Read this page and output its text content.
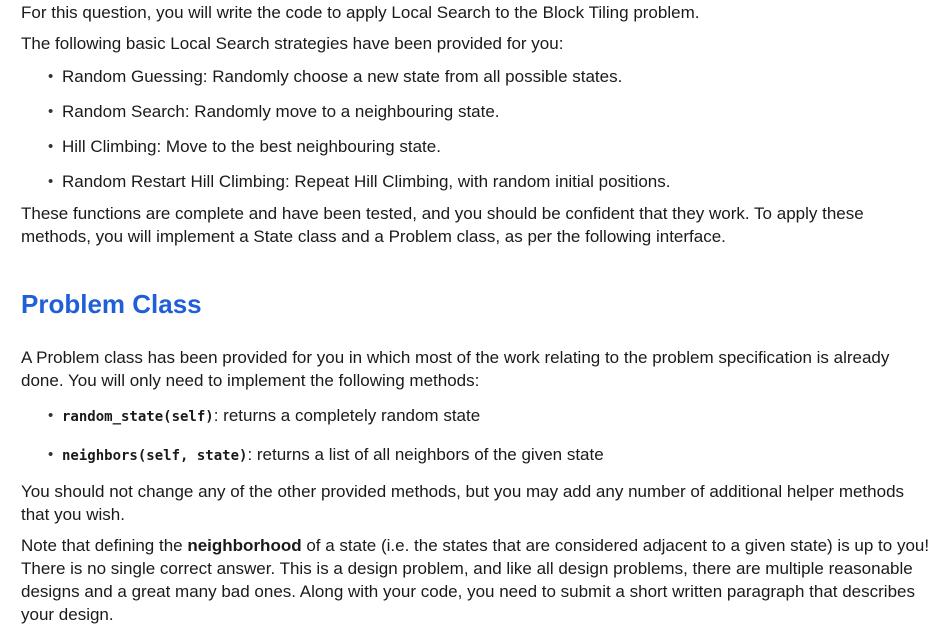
For this question, you will write the code to apply Local Search to the Block Tiling problem.

The following basic Local Search strategies have been provided for you:

• Random Guessing: Randomly choose a new state from all possible states.
• Random Search: Randomly move to a neighbouring state.
• Hill Climbing: Move to the best neighbouring state.
• Random Restart Hill Climbing: Repeat Hill Climbing, with random initial positions.

These functions are complete and have been tested, and you should be confident that they work. To apply these methods, you will implement a State class and a Problem class, as per the following interface.

Problem Class

A Problem class has been provided for you in which most of the work relating to the problem specification is already done. You will only need to implement the following methods:

• random_state(self): returns a completely random state
• neighbors(self, state): returns a list of all neighbors of the given state

You should not change any of the other provided methods, but you may add any number of additional helper methods that you wish.

Note that defining the neighborhood of a state (i.e. the states that are considered adjacent to a given state) is up to you! There is no single correct answer. This is a design problem, and like all design problems, there are multiple reasonable designs and a great many bad ones. Along with your code, you need to submit a short written paragraph that describes your design.
